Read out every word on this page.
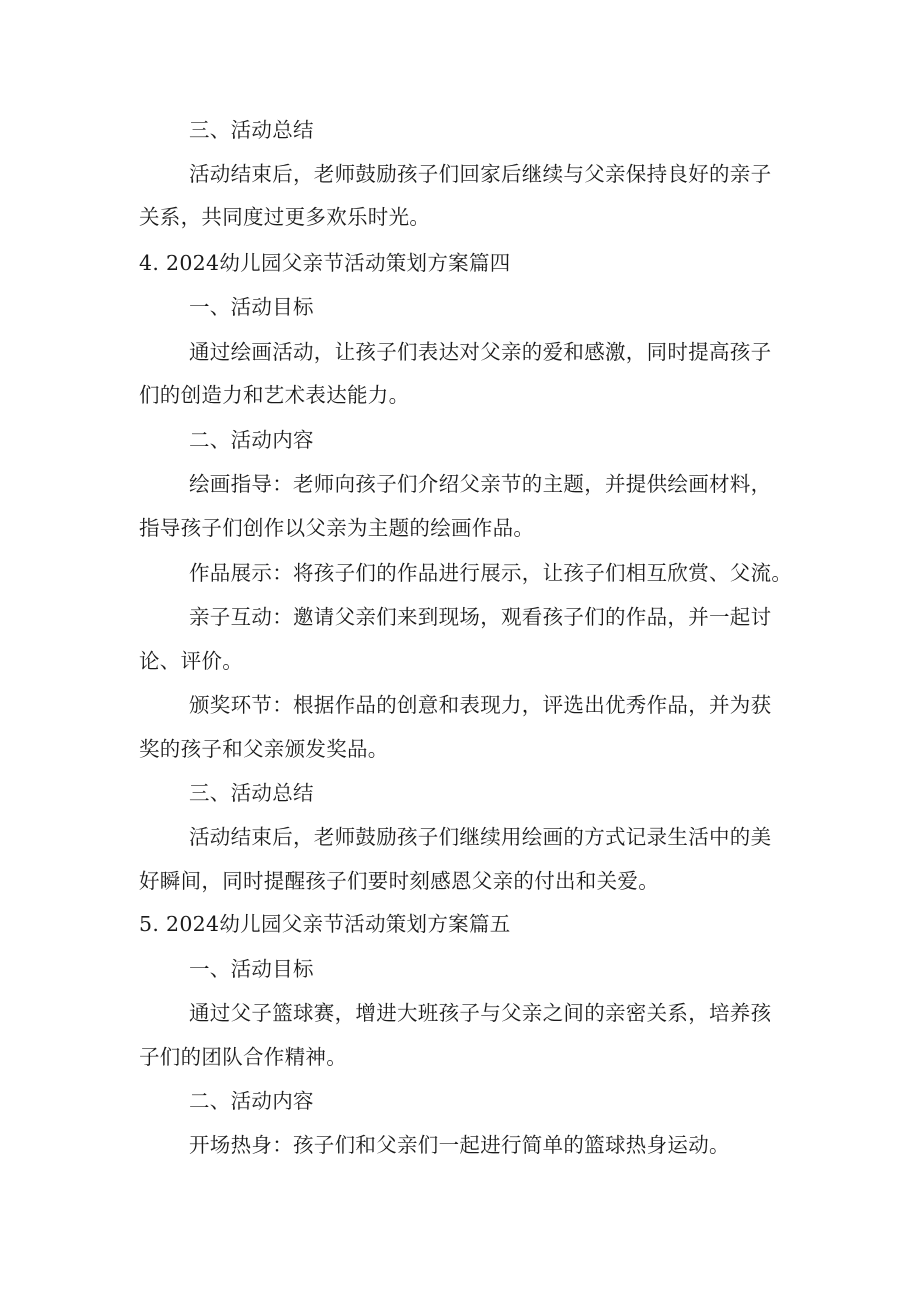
三、活动总结
活动结束后，老师鼓励孩子们回家后继续与父亲保持良好的亲子
关系，共同度过更多欢乐时光。
4. 2024幼儿园父亲节活动策划方案篇四
一、活动目标
通过绘画活动，让孩子们表达对父亲的爱和感激，同时提高孩子
们的创造力和艺术表达能力。
二、活动内容
绘画指导：老师向孩子们介绍父亲节的主题，并提供绘画材料，
指导孩子们创作以父亲为主题的绘画作品。
作品展示：将孩子们的作品进行展示，让孩子们相互欣赏、父流。
亲子互动：邀请父亲们来到现场，观看孩子们的作品，并一起讨
论、评价。
颁奖环节：根据作品的创意和表现力，评选出优秀作品，并为获
奖的孩子和父亲颁发奖品。
三、活动总结
活动结束后，老师鼓励孩子们继续用绘画的方式记录生活中的美
好瞬间，同时提醒孩子们要时刻感恩父亲的付出和关爱。
5. 2024幼儿园父亲节活动策划方案篇五
一、活动目标
通过父子篮球赛，增进大班孩子与父亲之间的亲密关系，培养孩
子们的团队合作精神。
二、活动内容
开场热身：孩子们和父亲们一起进行简单的篮球热身运动。
